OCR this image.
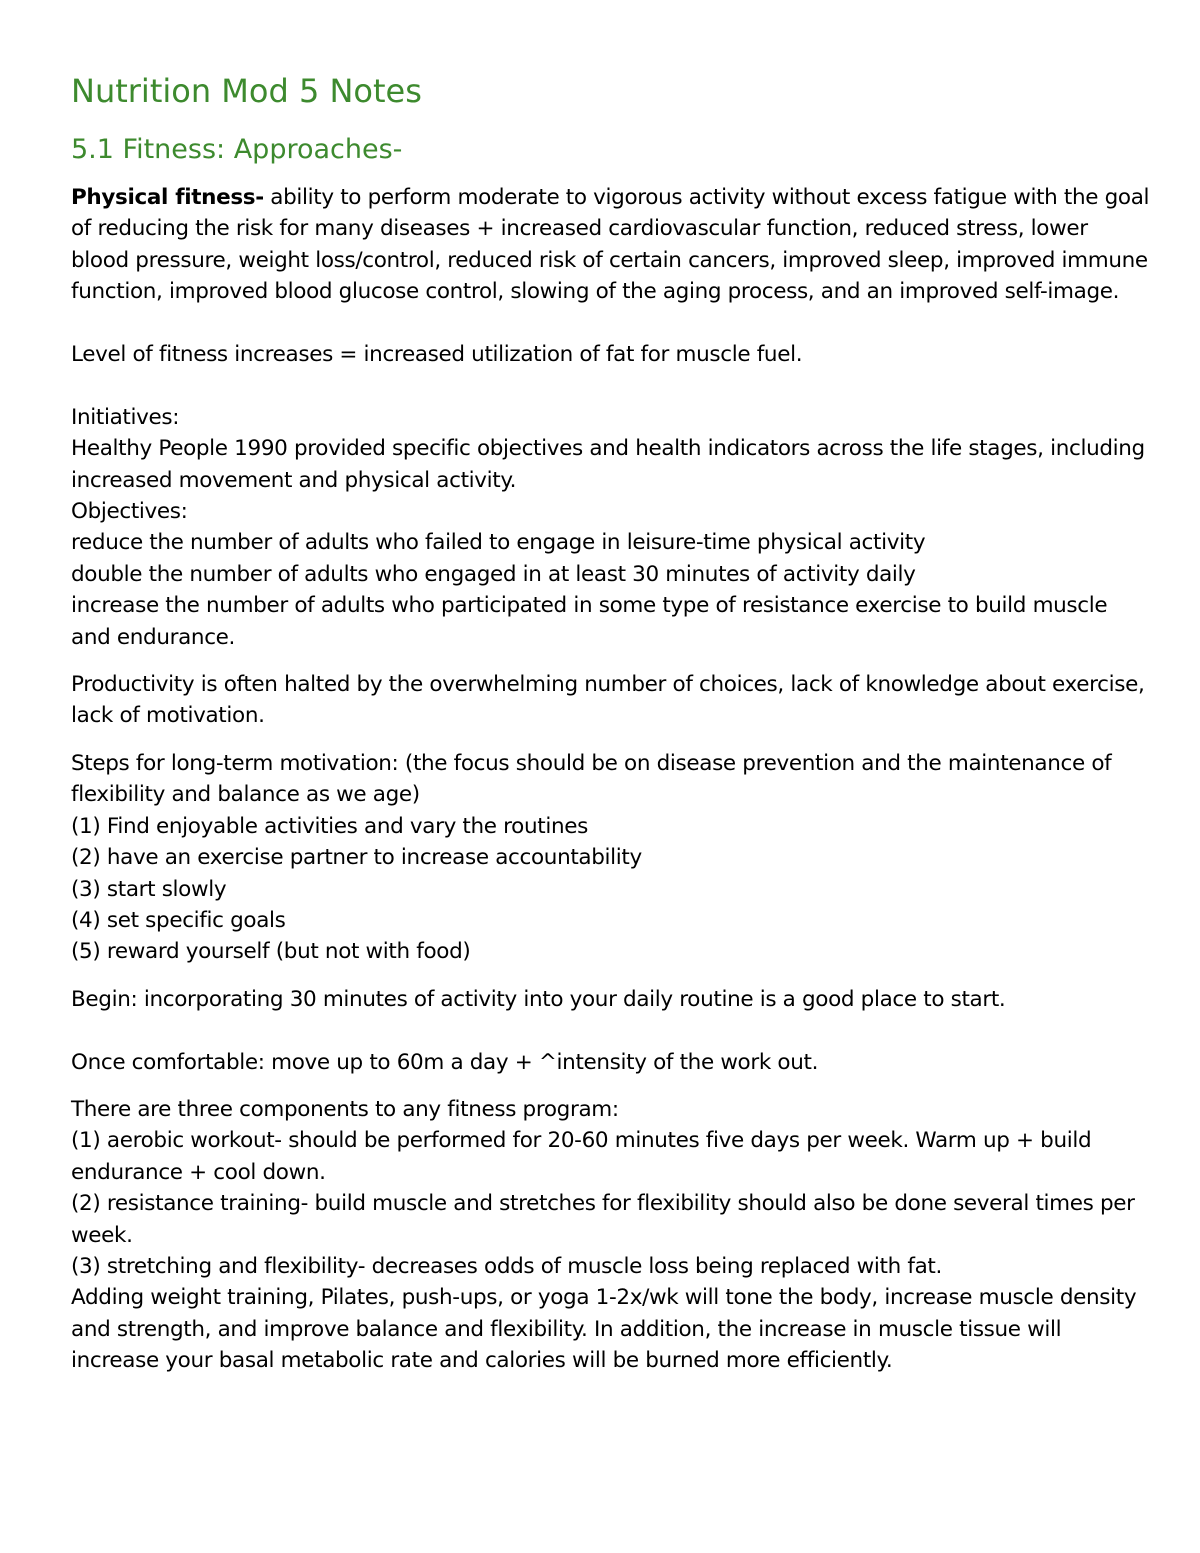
Nutrition Mod 5 Notes
5.1 Fitness: Approaches-

Physical fitness- ability to perform moderate to vigorous activity without excess fatigue with the goal of reducing the risk for many diseases + increased cardiovascular function, reduced stress, lower blood pressure, weight loss/control, reduced risk of certain cancers, improved sleep, improved immune function, improved blood glucose control, slowing of the aging process, and an improved self-image.

Level of fitness increases = increased utilization of fat for muscle fuel.

Initiatives:

Healthy People 1990 provided specific objectives and health indicators across the life stages, including increased movement and physical activity.

Objectives:

reduce the number of adults who failed to engage in leisure-time physical activity

double the number of adults who engaged in at least 30 minutes of activity daily

increase the number of adults who participated in some type of resistance exercise to build muscle and endurance.

Productivity is often halted by the overwhelming number of choices, lack of knowledge about exercise, lack of motivation.

Steps for long-term motivation: (the focus should be on disease prevention and the maintenance of flexibility and balance as we age)

(1) Find enjoyable activities and vary the routines

(2) have an exercise partner to increase accountability

(3) start slowly

(4) set specific goals

(5) reward yourself (but not with food)

Begin: incorporating 30 minutes of activity into your daily routine is a good place to start.

Once comfortable: move up to 60m a day + ^intensity of the work out.

There are three components to any fitness program:

(1) aerobic workout- should be performed for 20-60 minutes five days per week. Warm up + build endurance + cool down.

(2) resistance training- build muscle and stretches for flexibility should also be done several times per week.

(3) stretching and flexibility- decreases odds of muscle loss being replaced with fat.

Adding weight training, Pilates, push-ups, or yoga 1-2x/wk will tone the body, increase muscle density and strength, and improve balance and flexibility. In addition, the increase in muscle tissue will increase your basal metabolic rate and calories will be burned more efficiently.
